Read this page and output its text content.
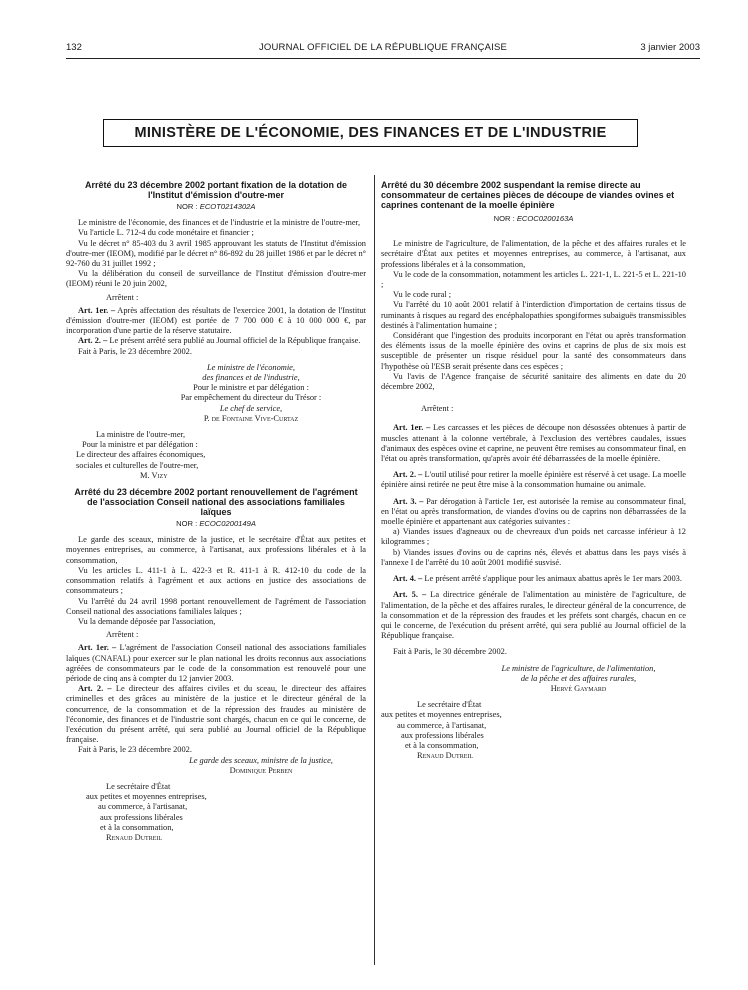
132	JOURNAL OFFICIEL DE LA RÉPUBLIQUE FRANÇAISE	3 janvier 2003
MINISTÈRE DE L'ÉCONOMIE, DES FINANCES ET DE L'INDUSTRIE
Arrêté du 23 décembre 2002 portant fixation de la dotation de l'Institut d'émission d'outre-mer
NOR : ECOT0214302A

Le ministre de l'économie, des finances et de l'industrie et la ministre de l'outre-mer,

Vu l'article L. 712-4 du code monétaire et financier ;

Vu le décret n° 85-403 du 3 avril 1985 approuvant les statuts de l'Institut d'émission d'outre-mer (IEOM), modifié par le décret n° 86-892 du 28 juillet 1986 et par le décret n° 92-760 du 31 juillet 1992 ;

Vu la délibération du conseil de surveillance de l'Institut d'émission d'outre-mer (IEOM) réuni le 20 juin 2002,

Arrêtent :

Art. 1er. – Après affectation des résultats de l'exercice 2001, la dotation de l'Institut d'émission d'outre-mer (IEOM) est portée de 7 700 000 € à 10 000 000 €, par incorporation d'une partie de la réserve statutaire.

Art. 2. – Le présent arrêté sera publié au Journal officiel de la République française.

Fait à Paris, le 23 décembre 2002.

Le ministre de l'économie,
des finances et de l'industrie,
Pour le ministre et par délégation :
Par empêchement du directeur du Trésor :
Le chef de service,
P. de Fontaine Vive-Curtaz
La ministre de l'outre-mer,
Pour la ministre et par délégation :
Le directeur des affaires économiques,
sociales et culturelles de l'outre-mer,
M. Vizy
Arrêté du 23 décembre 2002 portant renouvellement de l'agrément de l'association Conseil national des associations familiales laïques
NOR : ECOC0200149A

Le garde des sceaux, ministre de la justice, et le secrétaire d'État aux petites et moyennes entreprises, au commerce, à l'artisanat, aux professions libérales et à la consommation,

Vu les articles L. 411-1 à L. 422-3 et R. 411-1 à R. 412-10 du code de la consommation relatifs à l'agrément et aux actions en justice des associations de consommateurs ;

Vu l'arrêté du 24 avril 1998 portant renouvellement de l'agrément de l'association Conseil national des associations familiales laïques ;

Vu la demande déposée par l'association,

Arrêtent :

Art. 1er. – L'agrément de l'association Conseil national des associations familiales laïques (CNAFAL) pour exercer sur le plan national les droits reconnus aux associations agréées de consommateurs par le code de la consommation est renouvelé pour une période de cinq ans à compter du 12 janvier 2003.

Art. 2. – Le directeur des affaires civiles et du sceau, le directeur des affaires criminelles et des grâces au ministère de la justice et le directeur général de la concurrence, de la consommation et de la répression des fraudes au ministère de l'économie, des finances et de l'industrie sont chargés, chacun en ce qui le concerne, de l'exécution du présent arrêté, qui sera publié au Journal officiel de la République française.

Fait à Paris, le 23 décembre 2002.

Le garde des sceaux, ministre de la justice,
Dominique Perben
Le secrétaire d'État
aux petites et moyennes entreprises,
au commerce, à l'artisanat,
aux professions libérales
et à la consommation,
Renaud Dutreil
Arrêté du 30 décembre 2002 suspendant la remise directe au consommateur de certaines pièces de découpe de viandes ovines et caprines contenant de la moelle épinière
NOR : ECOC0200163A

Le ministre de l'agriculture, de l'alimentation, de la pêche et des affaires rurales et le secrétaire d'État aux petites et moyennes entreprises, au commerce, à l'artisanat, aux professions libérales et à la consommation,

Vu le code de la consommation, notamment les articles L. 221-1, L. 221-5 et L. 221-10 ;

Vu le code rural ;

Vu l'arrêté du 10 août 2001 relatif à l'interdiction d'importation de certains tissus de ruminants à risques au regard des encéphalopathies spongiformes subaiguës transmissibles destinés à l'alimentation humaine ;

Considérant que l'ingestion des produits incorporant en l'état ou après transformation des éléments issus de la moelle épinière des ovins et caprins de plus de six mois est susceptible de présenter un risque résiduel pour la santé des consommateurs dans l'hypothèse où l'ESB serait présente dans ces espèces ;

Vu l'avis de l'Agence française de sécurité sanitaire des aliments en date du 20 décembre 2002,

Arrêtent :

Art. 1er. – Les carcasses et les pièces de découpe non désossées obtenues à partir de muscles attenant à la colonne vertébrale, à l'exclusion des vertèbres caudales, issues d'animaux des espèces ovine et caprine, ne peuvent être remises au consommateur final, en l'état ou après transformation, qu'après avoir été débarrassées de la moelle épinière.

Art. 2. – L'outil utilisé pour retirer la moelle épinière est réservé à cet usage. La moelle épinière ainsi retirée ne peut être mise à la consommation humaine ou animale.

Art. 3. – Par dérogation à l'article 1er, est autorisée la remise au consommateur final, en l'état ou après transformation, de viandes d'ovins ou de caprins non débarrassées de la moelle épinière et appartenant aux catégories suivantes :

a) Viandes issues d'agneaux ou de chevreaux d'un poids net carcasse inférieur à 12 kilogrammes ;

b) Viandes issues d'ovins ou de caprins nés, élevés et abattus dans les pays visés à l'annexe I de l'arrêté du 10 août 2001 modifié susvisé.

Art. 4. – Le présent arrêté s'applique pour les animaux abattus après le 1er mars 2003.

Art. 5. – La directrice générale de l'alimentation au ministère de l'agriculture, de l'alimentation, de la pêche et des affaires rurales, le directeur général de la concurrence, de la consommation et de la répression des fraudes et les préfets sont chargés, chacun en ce qui le concerne, de l'exécution du présent arrêté, qui sera publié au Journal officiel de la République française.

Fait à Paris, le 30 décembre 2002.

Le ministre de l'agriculture, de l'alimentation,
de la pêche et des affaires rurales,
Hervé Gaymard
Le secrétaire d'État
aux petites et moyennes entreprises,
au commerce, à l'artisanat,
aux professions libérales
et à la consommation,
Renaud Dutreil
